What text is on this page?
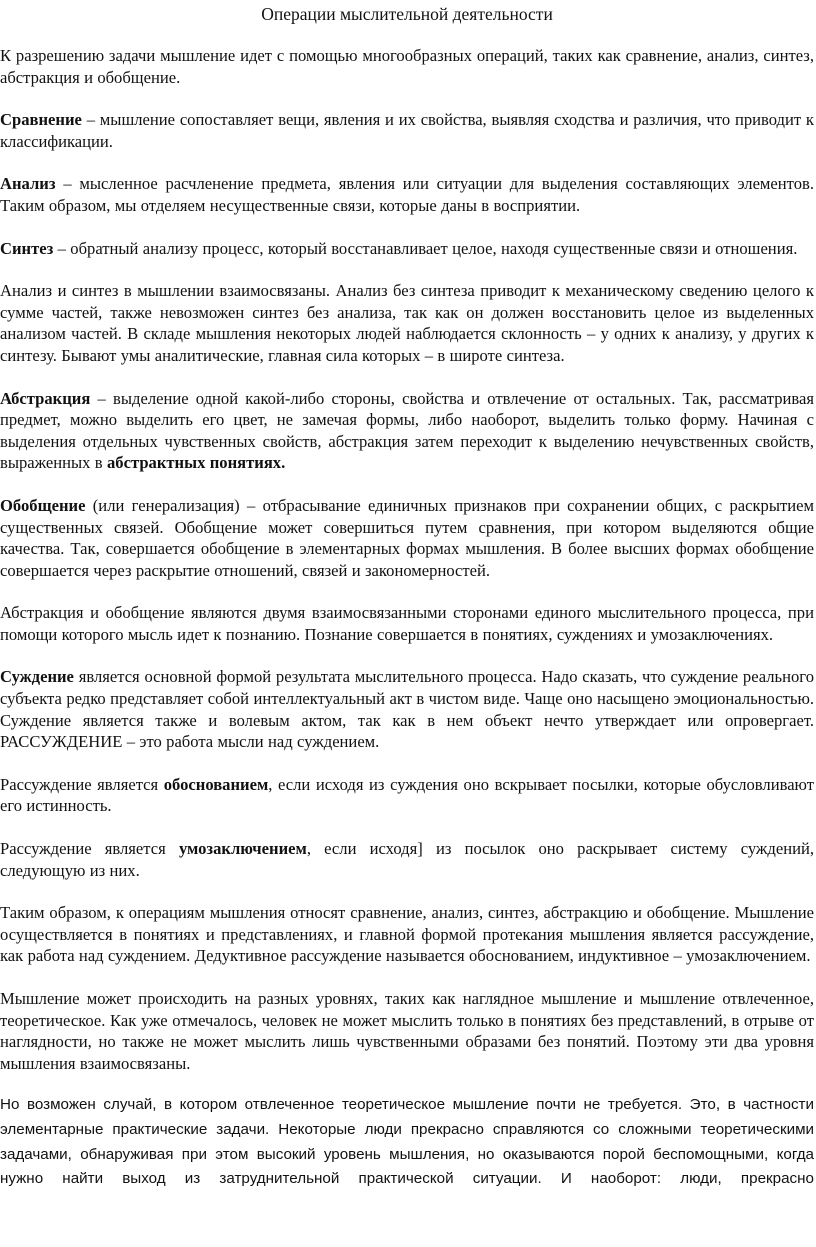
Операции мыслительной деятельности

К разрешению задачи мышление идет с помощью многообразных операций, таких как сравнение, анализ, синтез, абстракция и обобщение.

Сравнение – мышление сопоставляет вещи, явления и их свойства, выявляя сходства и различия, что приводит к классификации.

Анализ – мысленное расчленение предмета, явления или ситуации для выделения составляющих элементов. Таким образом, мы отделяем несущественные связи, которые даны в восприятии.

Синтез – обратный анализу процесс, который восстанавливает целое, находя существенные связи и отношения.

Анализ и синтез в мышлении взаимосвязаны. Анализ без синтеза приводит к механическому сведению целого к сумме частей, также невозможен синтез без анализа, так как он должен восстановить целое из выделенных анализом частей. В складе мышления некоторых людей наблюдается склонность – у одних к анализу, у других к синтезу. Бывают умы аналитические, главная сила которых – в широте синтеза.

Абстракция – выделение одной какой-либо стороны, свойства и отвлечение от остальных. Так, рассматривая предмет, можно выделить его цвет, не замечая формы, либо наоборот, выделить только форму. Начиная с выделения отдельных чувственных свойств, абстракция затем переходит к выделению нечувственных свойств, выраженных в абстрактных понятиях.

Обобщение (или генерализация) – отбрасывание единичных признаков при сохранении общих, с раскрытием существенных связей. Обобщение может совершиться путем сравнения, при котором выделяются общие качества. Так, совершается обобщение в элементарных формах мышления. В более высших формах обобщение совершается через раскрытие отношений, связей и закономерностей.

Абстракция и обобщение являются двумя взаимосвязанными сторонами единого мыслительного процесса, при помощи которого мысль идет к познанию. Познание совершается в понятиях, суждениях и умозаключениях.

Суждение является основной формой результата мыслительного процесса. Надо сказать, что суждение реального субъекта редко представляет собой интеллектуальный акт в чистом виде. Чаще оно насыщено эмоциональностью. Суждение является также и волевым актом, так как в нем объект нечто утверждает или опровергает. РАССУЖДЕНИЕ – это работа мысли над суждением.

Рассуждение является обоснованием, если исходя из суждения оно вскрывает посылки, которые обусловливают его истинность.

Рассуждение является умозаключением, если исходя] из посылок оно раскрывает систему суждений, следующую из них.

Таким образом, к операциям мышления относят сравнение, анализ, синтез, абстракцию и обобщение. Мышление осуществляется в понятиях и представлениях, и главной формой протекания мышления является рассуждение, как работа над суждением. Дедуктивное рассуждение называется обоснованием, индуктивное – умозаключением.

Мышление может происходить на разных уровнях, таких как наглядное мышление и мышление отвлеченное, теоретическое. Как уже отмечалось, человек не может мыслить только в понятиях без представлений, в отрыве от наглядности, но также не может мыслить лишь чувственными образами без понятий. Поэтому эти два уровня мышления взаимосвязаны.

Но возможен случай, в котором отвлеченное теоретическое мышление почти не требуется. Это, в частности элементарные практические задачи. Некоторые люди прекрасно справляются со сложными теоретическими задачами, обнаруживая при этом высокий уровень мышления, но оказываются порой беспомощными, когда нужно найти выход из затруднительной практической ситуации. И наоборот: люди, прекрасно
